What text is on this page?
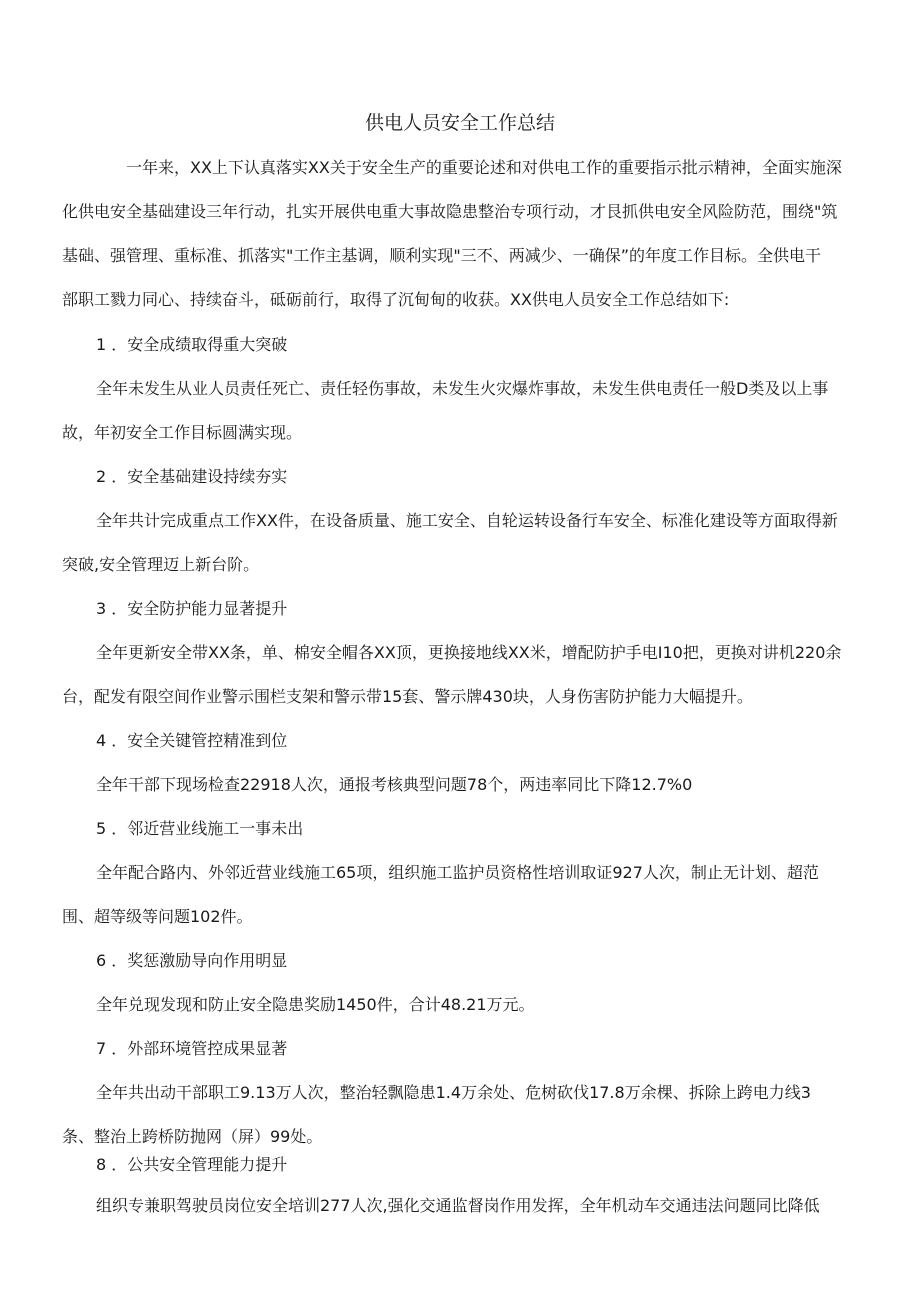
供电人员安全工作总结
一年来，XX上下认真落实XX关于安全生产的重要论述和对供电工作的重要指示批示精神，全面实施深
化供电安全基础建设三年行动，扎实开展供电重大事故隐患整治专项行动，才艮抓供电安全风险防范，围绕"筑
基础、强管理、重标准、抓落实"工作主基调，顺利实现"三不、两减少、一确保”的年度工作目标。全供电干
部职工戮力同心、持续奋斗，砥砺前行，取得了沉甸甸的收获。XX供电人员安全工作总结如下:
1 ．安全成绩取得重大突破
全年未发生从业人员责任死亡、责任轻伤事故，未发生火灾爆炸事故，未发生供电责任一般D类及以上事
故，年初安全工作目标圆满实现。
2 ．安全基础建设持续夯实
全年共计完成重点工作XX件，在设备质量、施工安全、自轮运转设备行车安全、标准化建设等方面取得新
突破,安全管理迈上新台阶。
3 ．安全防护能力显著提升
全年更新安全带XX条，单、棉安全帽各XX顶，更换接地线XX米，增配防护手电I10把，更换对讲机220余
台，配发有限空间作业警示围栏支架和警示带15套、警示牌430块，人身伤害防护能力大幅提升。
4 ．安全关键管控精准到位
全年干部下现场检查22918人次，通报考核典型问题78个，两违率同比下降12.7%0
5 ．邻近营业线施工一事未出
全年配合路内、外邻近营业线施工65项，组织施工监护员资格性培训取证927人次，制止无计划、超范
围、超等级等问题102件。
6 ．奖惩激励导向作用明显
全年兑现发现和防止安全隐患奖励1450件，合计48.21万元。
7 ．外部环境管控成果显著
全年共出动干部职工9.13万人次，整治轻飘隐患1.4万余处、危树砍伐17.8万余棵、拆除上跨电力线3
条、整治上跨桥防抛网（屏）99处。
8 ．公共安全管理能力提升
组织专兼职驾驶员岗位安全培训277人次,强化交通监督岗作用发挥，全年机动车交通违法问题同比降低
